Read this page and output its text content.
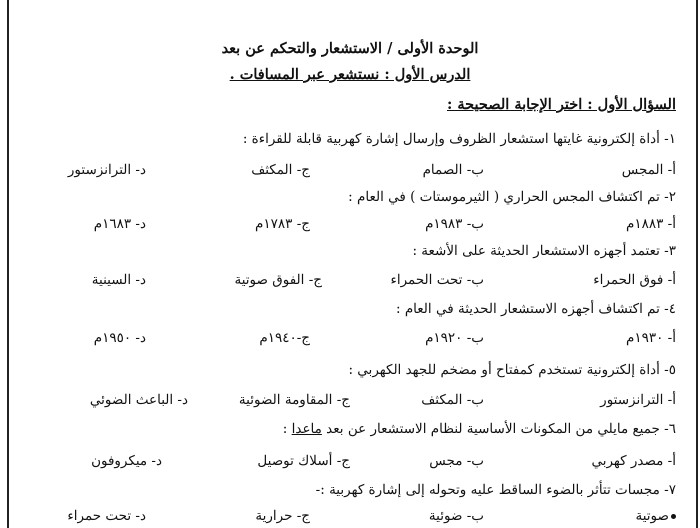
الوحدة الأولى / الاستشعار والتحكم عن بعد
الدرس الأول : نستشعر عبر المسافات .
السؤال الأول : اختر الإجابة الصحيحة :
١- أداة إلكترونية غايتها استشعار الظروف وإرسال إشارة كهربية قابلة للقراءة :
أ- المجس
ب- الصمام
ج- المكثف
د- الترانزستور
٢- تم اكتشاف المجس الحراري ( الثيرموستات ) في العام :
أ- ١٨٨٣م
ب- ١٩٨٣م
ج- ١٧٨٣م
د- ١٦٨٣م
٣- تعتمد أجهزه الاستشعار الحديثة على الأشعة :
أ- فوق الحمراء
ب- تحت الحمراء
ج- الفوق صوتية
د- السينية
٤- تم اكتشاف أجهزه الاستشعار الحديثة في العام :
أ- ١٩٣٠م
ب- ١٩٢٠م
ج-١٩٤٠م
د- ١٩٥٠م
٥- أداة إلكترونية تستخدم كمفتاح أو مضخم للجهد الكهربي :
أ- الترانزستور
ب- المكثف
ج- المقاومة الضوئية
د- الباعث الضوئي
٦- جميع مايلي من المكونات الأساسية لنظام الاستشعار عن بعد ماعدا :
أ- مصدر كهربي
ب- مجس
ج- أسلاك توصيل
د- ميكروفون
٧- مجسات تتأثر بالضوء الساقط عليه وتحوله إلى إشارة كهربية :-
صوتية
ب- ضوئية
ج- حرارية
د- تحت حمراء
